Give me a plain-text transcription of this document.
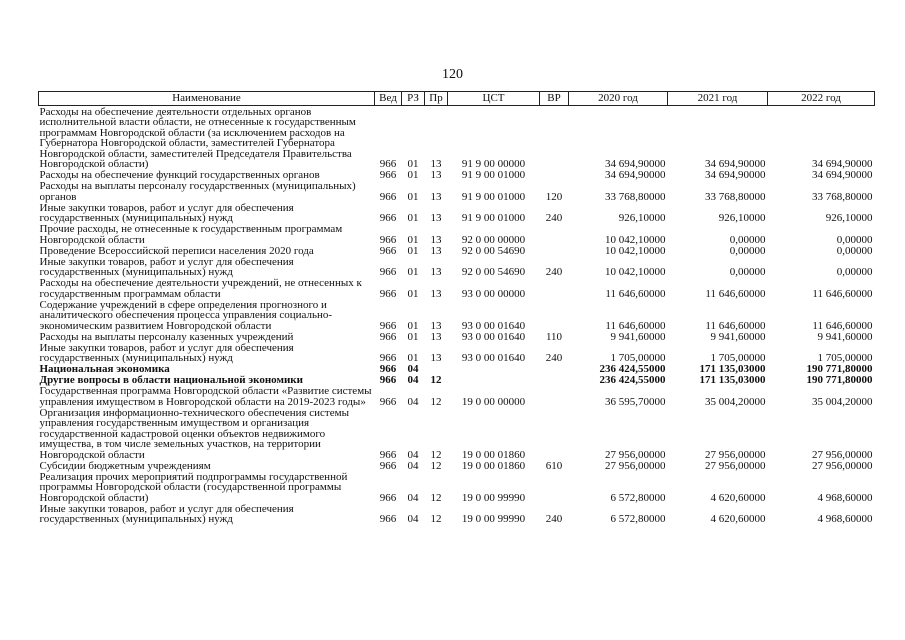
120
Наименование	Вед	РЗ	Пр	ЦСТ	ВР	2020 год	2021 год	2022 год
Расходы на обеспечение деятельности отдельных органов исполнительной власти области, не отнесенные к государственным программам Новгородской области (за исключением расходов на Губернатора Новгородской области, заместителей Губернатора Новгородской области, заместителей Председателя Правительства Новгородской области)	966	01	13	91 9 00 00000		34 694,90000	34 694,90000	34 694,90000
Расходы на обеспечение функций государственных органов	966	01	13	91 9 00 01000		34 694,90000	34 694,90000	34 694,90000
Расходы на выплаты персоналу государственных (муниципальных) органов	966	01	13	91 9 00 01000	120	33 768,80000	33 768,80000	33 768,80000
Иные закупки товаров, работ и услуг для обеспечения государственных (муниципальных) нужд	966	01	13	91 9 00 01000	240	926,10000	926,10000	926,10000
Прочие расходы, не отнесенные к государственным программам Новгородской области	966	01	13	92 0 00 00000		10 042,10000	0,00000	0,00000
Проведение Всероссийской переписи населения 2020 года	966	01	13	92 0 00 54690		10 042,10000	0,00000	0,00000
Иные закупки товаров, работ и услуг для обеспечения государственных (муниципальных) нужд	966	01	13	92 0 00 54690	240	10 042,10000	0,00000	0,00000
Расходы на обеспечение деятельности учреждений, не отнесенных к государственным программам области	966	01	13	93 0 00 00000		11 646,60000	11 646,60000	11 646,60000
Содержание учреждений в сфере определения прогнозного и аналитического обеспечения процесса управления социально-экономическим развитием Новгородской области	966	01	13	93 0 00 01640		11 646,60000	11 646,60000	11 646,60000
Расходы на выплаты персоналу казенных учреждений	966	01	13	93 0 00 01640	110	9 941,60000	9 941,60000	9 941,60000
Иные закупки товаров, работ и услуг для обеспечения государственных (муниципальных) нужд	966	01	13	93 0 00 01640	240	1 705,00000	1 705,00000	1 705,00000
Национальная экономика	966	04				236 424,55000	171 135,03000	190 771,80000
Другие вопросы в области национальной экономики	966	04	12			236 424,55000	171 135,03000	190 771,80000
Государственная программа Новгородской области «Развитие системы управления имуществом в Новгородской области на 2019-2023 годы»	966	04	12	19 0 00 00000		36 595,70000	35 004,20000	35 004,20000
Организация информационно-технического обеспечения системы управления государственным имуществом и организация государственной кадастровой оценки объектов недвижимого имущества, в том числе земельных участков, на территории Новгородской области	966	04	12	19 0 00 01860		27 956,00000	27 956,00000	27 956,00000
Субсидии бюджетным учреждениям	966	04	12	19 0 00 01860	610	27 956,00000	27 956,00000	27 956,00000
Реализация прочих мероприятий подпрограммы государственной программы Новгородской области (государственной программы Новгородской области)	966	04	12	19 0 00 99990		6 572,80000	4 620,60000	4 968,60000
Иные закупки товаров, работ и услуг для обеспечения государственных (муниципальных) нужд	966	04	12	19 0 00 99990	240	6 572,80000	4 620,60000	4 968,60000
